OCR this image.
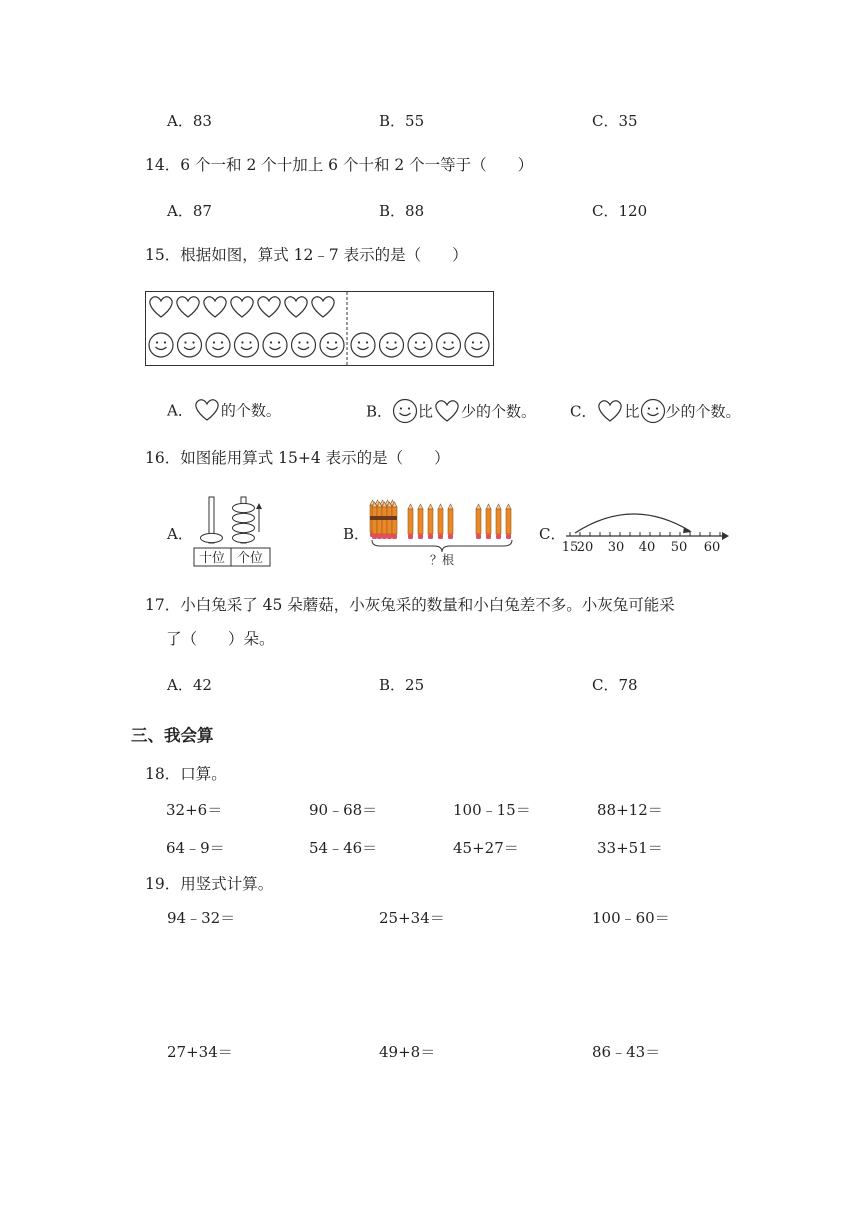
A．83	B．55	C．35
14．6 个一和 2 个十加上 6 个十和 2 个一等于（　　）
A．87	B．88	C．120
15．根据如图，算式 12﹣7 表示的是（　　）
A． 的个数。	B． 比 少的个数。 C． 比 少的个数。
16．如图能用算式 15+4 表示的是（　　）
A．
十位 个位
B．
？根
C．
15
20 30 40 50 60
17．小白兔采了 45 朵蘑菇，小灰兔采的数量和小白兔差不多。小灰兔可能采
了（　　）朵。
A．42	B．25	C．78
三、我会算
18．口算。
32+6＝	90﹣68＝	100﹣15＝	88+12＝
64﹣9＝	54﹣46＝	45+27＝	33+51＝
19．用竖式计算。
94﹣32＝	25+34＝	100﹣60＝
27+34＝	49+8＝	86﹣43＝
